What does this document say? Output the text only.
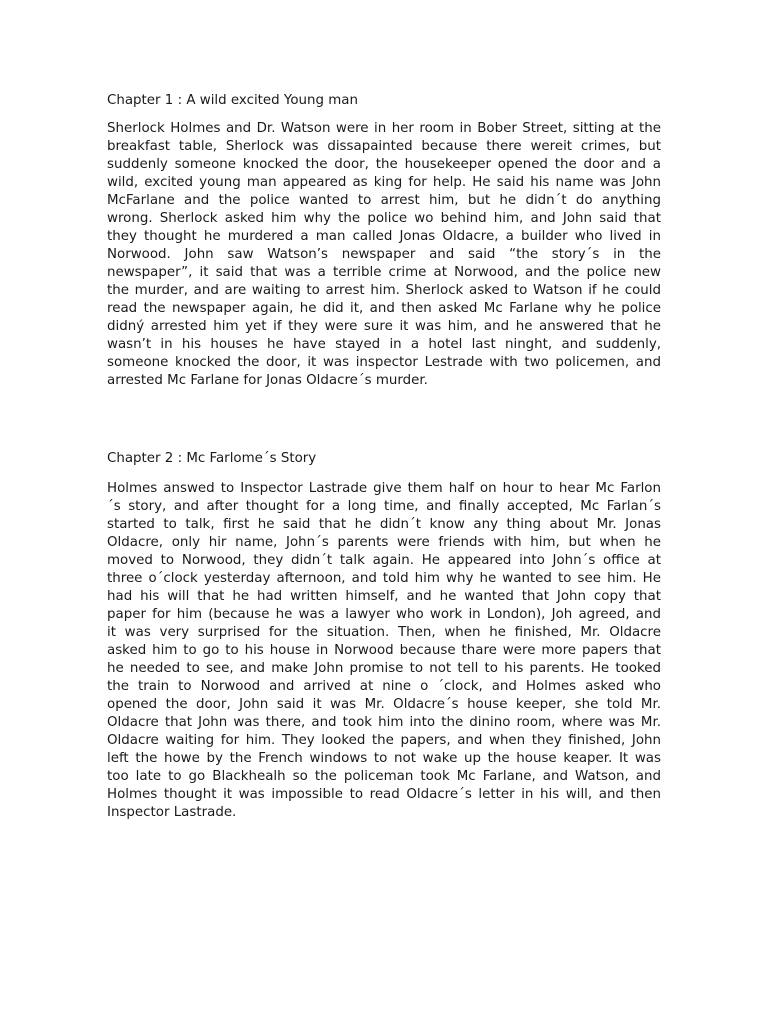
Chapter 1 : A wild excited Young man
Sherlock Holmes and Dr. Watson were in her room in Bober Street, sitting at the
breakfast table, Sherlock was dissapainted because there wereit crimes, but
suddenly someone knocked the door, the housekeeper opened the door and a
wild, excited young man appeared as king for help. He said his name was John
McFarlane and the police wanted to arrest him, but he didn´t do anything
wrong. Sherlock asked him why the police wo behind him, and John said that
they thought he murdered a man called Jonas Oldacre, a builder who lived in
Norwood. John saw Watson’s newspaper and said “the story´s in the
newspaper”, it said that was a terrible crime at Norwood, and the police new
the murder, and are waiting to arrest him. Sherlock asked to Watson if he could
read the newspaper again, he did it, and then asked Mc Farlane why he police
didný arrested him yet if they were sure it was him, and he answered that he
wasn’t in his houses he have stayed in a hotel last ninght, and suddenly,
someone knocked the door, it was inspector Lestrade with two policemen, and
arrested Mc Farlane for Jonas Oldacre´s murder.
Chapter 2 : Mc Farlome´s Story
Holmes answed to Inspector Lastrade give them half on hour to hear Mc Farlon
´s story, and after thought for a long time, and finally accepted, Mc Farlan´s
started to talk, first he said that he didn´t know any thing about Mr. Jonas
Oldacre, only hir name, John´s parents were friends with him, but when he
moved to Norwood, they didn´t talk again. He appeared into John´s office at
three o´clock yesterday afternoon, and told him why he wanted to see him. He
had his will that he had written himself, and he wanted that John copy that
paper for him (because he was a lawyer who work in London), Joh agreed, and
it was very surprised for the situation. Then, when he finished, Mr. Oldacre
asked him to go to his house in Norwood because thare were more papers that
he needed to see, and make John promise to not tell to his parents. He tooked
the train to Norwood and arrived at nine o ´clock, and Holmes asked who
opened the door, John said it was Mr. Oldacre´s house keeper, she told Mr.
Oldacre that John was there, and took him into the dinino room, where was Mr.
Oldacre waiting for him. They looked the papers, and when they finished, John
left the howe by the French windows to not wake up the house keaper. It was
too late to go Blackhealh so the policeman took Mc Farlane, and Watson, and
Holmes thought it was impossible to read Oldacre´s letter in his will, and then
Inspector Lastrade.
